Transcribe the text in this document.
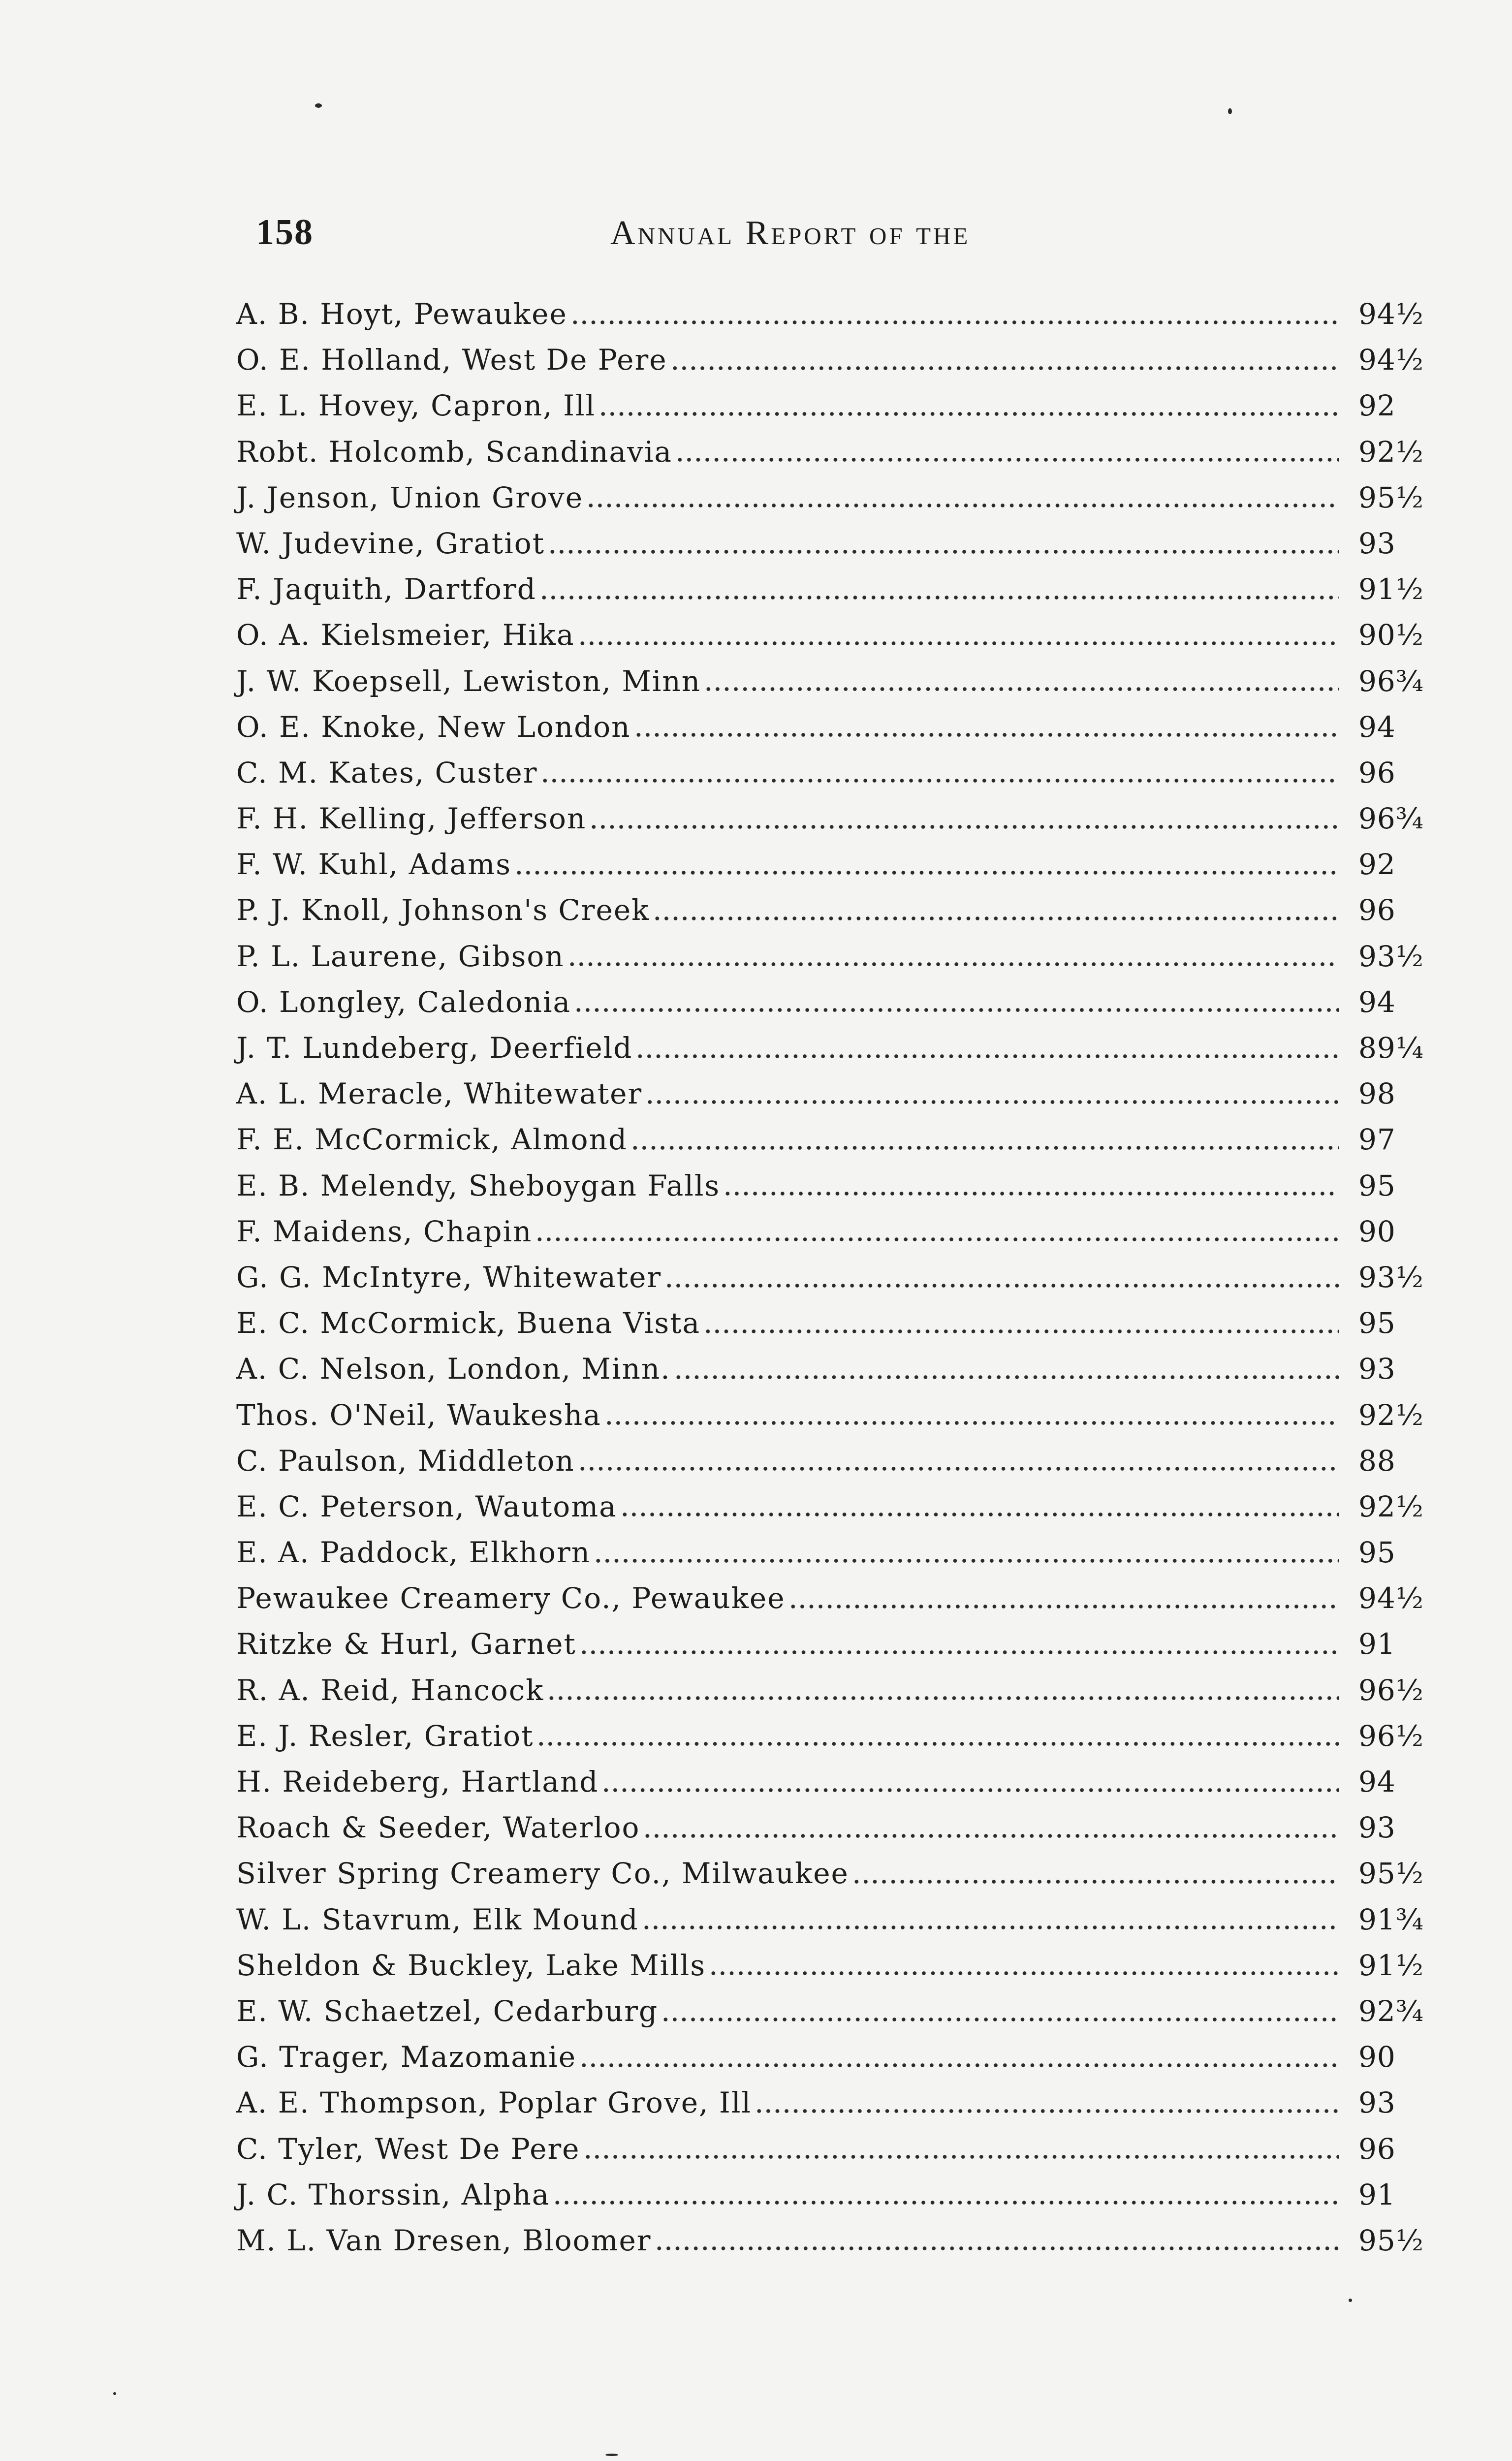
158	Annual Report of the
A. B. Hoyt, Pewaukee	94½
O. E. Holland, West De Pere	94½
E. L. Hovey, Capron, Ill	92
Robt. Holcomb, Scandinavia	92½
J. Jenson, Union Grove	95½
W. Judevine, Gratiot	93
F. Jaquith, Dartford	91½
O. A. Kielsmeier, Hika	90½
J. W. Koepsell, Lewiston, Minn	96¾
O. E. Knoke, New London	94
C. M. Kates, Custer	96
F. H. Kelling, Jefferson	96¾
F. W. Kuhl, Adams	92
P. J. Knoll, Johnson's Creek	96
P. L. Laurene, Gibson	93½
O. Longley, Caledonia	94
J. T. Lundeberg, Deerfield	89¼
A. L. Meracle, Whitewater	98
F. E. McCormick, Almond	97
E. B. Melendy, Sheboygan Falls	95
F. Maidens, Chapin	90
G. G. McIntyre, Whitewater	93½
E. C. McCormick, Buena Vista	95
A. C. Nelson, London, Minn.	93
Thos. O'Neil, Waukesha	92½
C. Paulson, Middleton	88
E. C. Peterson, Wautoma	92½
E. A. Paddock, Elkhorn	95
Pewaukee Creamery Co., Pewaukee	94½
Ritzke & Hurl, Garnet	91
R. A. Reid, Hancock	96½
E. J. Resler, Gratiot	96½
H. Reideberg, Hartland	94
Roach & Seeder, Waterloo	93
Silver Spring Creamery Co., Milwaukee	95½
W. L. Stavrum, Elk Mound	91¾
Sheldon & Buckley, Lake Mills	91½
E. W. Schaetzel, Cedarburg	92¾
G. Trager, Mazomanie	90
A. E. Thompson, Poplar Grove, Ill	93
C. Tyler, West De Pere	96
J. C. Thorssin, Alpha	91
M. L. Van Dresen, Bloomer	95½
